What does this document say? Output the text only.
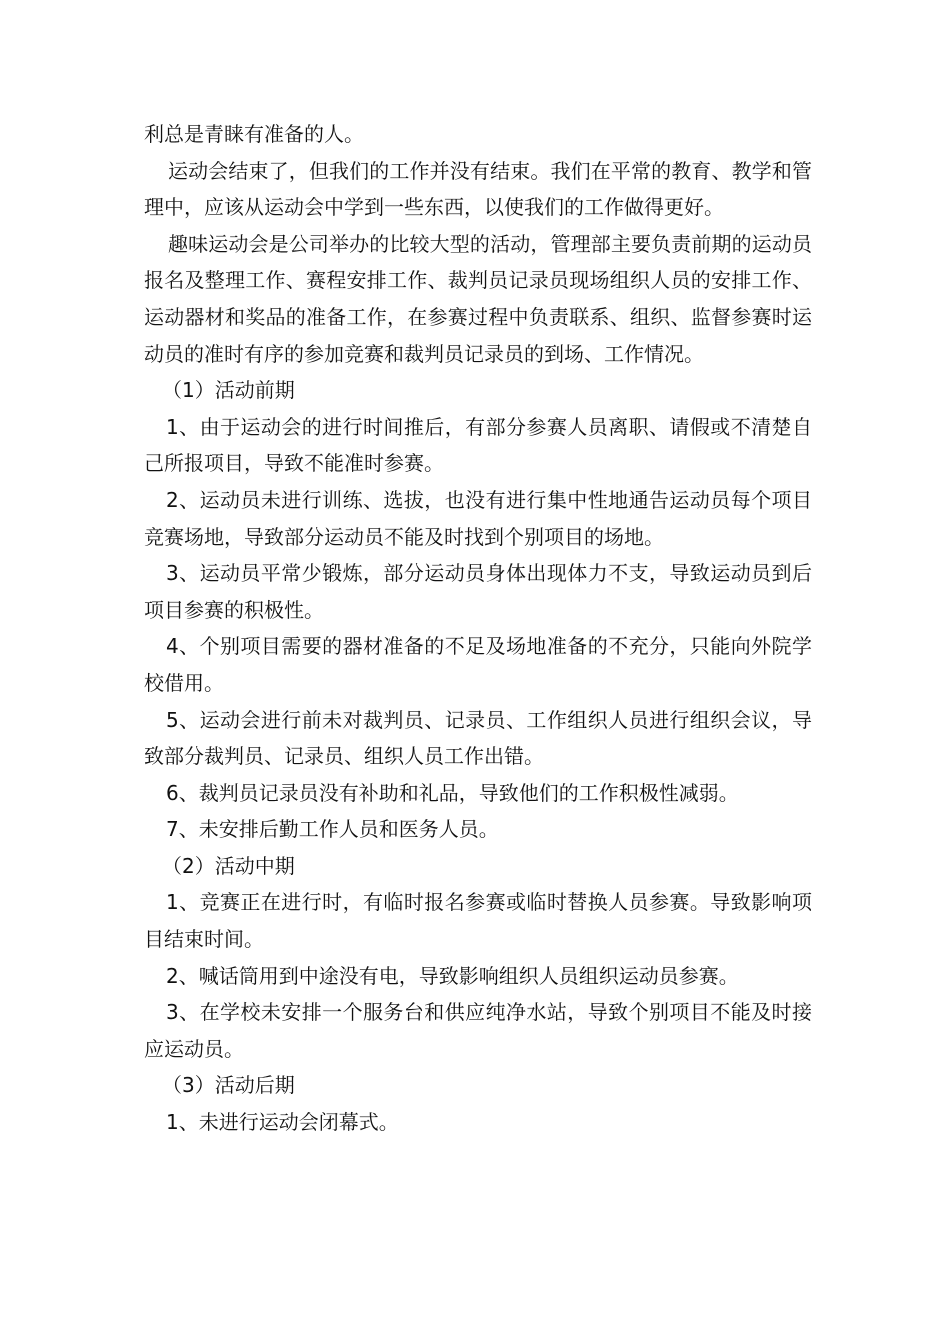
利总是青睐有准备的人。

运动会结束了，但我们的工作并没有结束。我们在平常的教育、教学和管理中，应该从运动会中学到一些东西，以使我们的工作做得更好。

趣味运动会是公司举办的比较大型的活动，管理部主要负责前期的运动员报名及整理工作、赛程安排工作、裁判员记录员现场组织人员的安排工作、运动器材和奖品的准备工作，在参赛过程中负责联系、组织、监督参赛时运动员的准时有序的参加竞赛和裁判员记录员的到场、工作情况。

（1）活动前期

1、由于运动会的进行时间推后，有部分参赛人员离职、请假或不清楚自己所报项目，导致不能准时参赛。

2、运动员未进行训练、选拔，也没有进行集中性地通告运动员每个项目竞赛场地，导致部分运动员不能及时找到个别项目的场地。

3、运动员平常少锻炼，部分运动员身体出现体力不支，导致运动员到后项目参赛的积极性。

4、个别项目需要的器材准备的不足及场地准备的不充分，只能向外院学校借用。

5、运动会进行前未对裁判员、记录员、工作组织人员进行组织会议，导致部分裁判员、记录员、组织人员工作出错。

6、裁判员记录员没有补助和礼品，导致他们的工作积极性减弱。

7、未安排后勤工作人员和医务人员。

（2）活动中期

1、竞赛正在进行时，有临时报名参赛或临时替换人员参赛。导致影响项目结束时间。

2、喊话筒用到中途没有电，导致影响组织人员组织运动员参赛。

3、在学校未安排一个服务台和供应纯净水站，导致个别项目不能及时接应运动员。

（3）活动后期

1、未进行运动会闭幕式。
